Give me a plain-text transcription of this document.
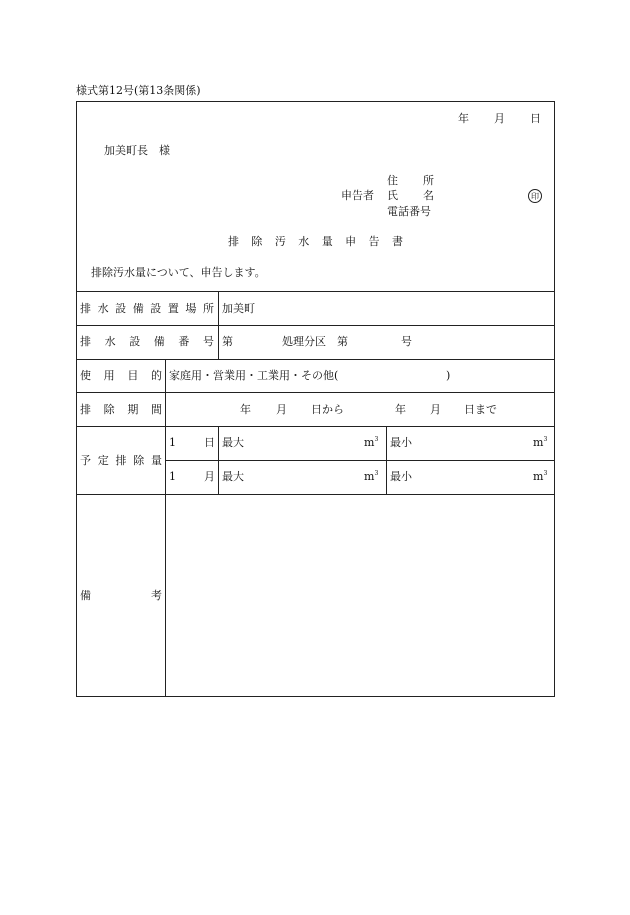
様式第12号(第13条関係)
年 月 日
加美町長　様
住 所
申告者 氏 名	印
電話番号
排 除 汚 水 量 申 告 書
排除汚水量について、申告します。
排 水 設 備 設 置 場 所 加美町
排 水 設 備 番 号 第	処理分区　第	号
使 用 目 的 家庭用・営業用・工業用・その他(	)
排 除 期 間	年 月 日から	年 月 日まで
予 定 排 除 量
1	日 最大	$m^3$ 最小	$m^3$
1	月 最大	$m^3$ 最小	$m^3$
備	考
